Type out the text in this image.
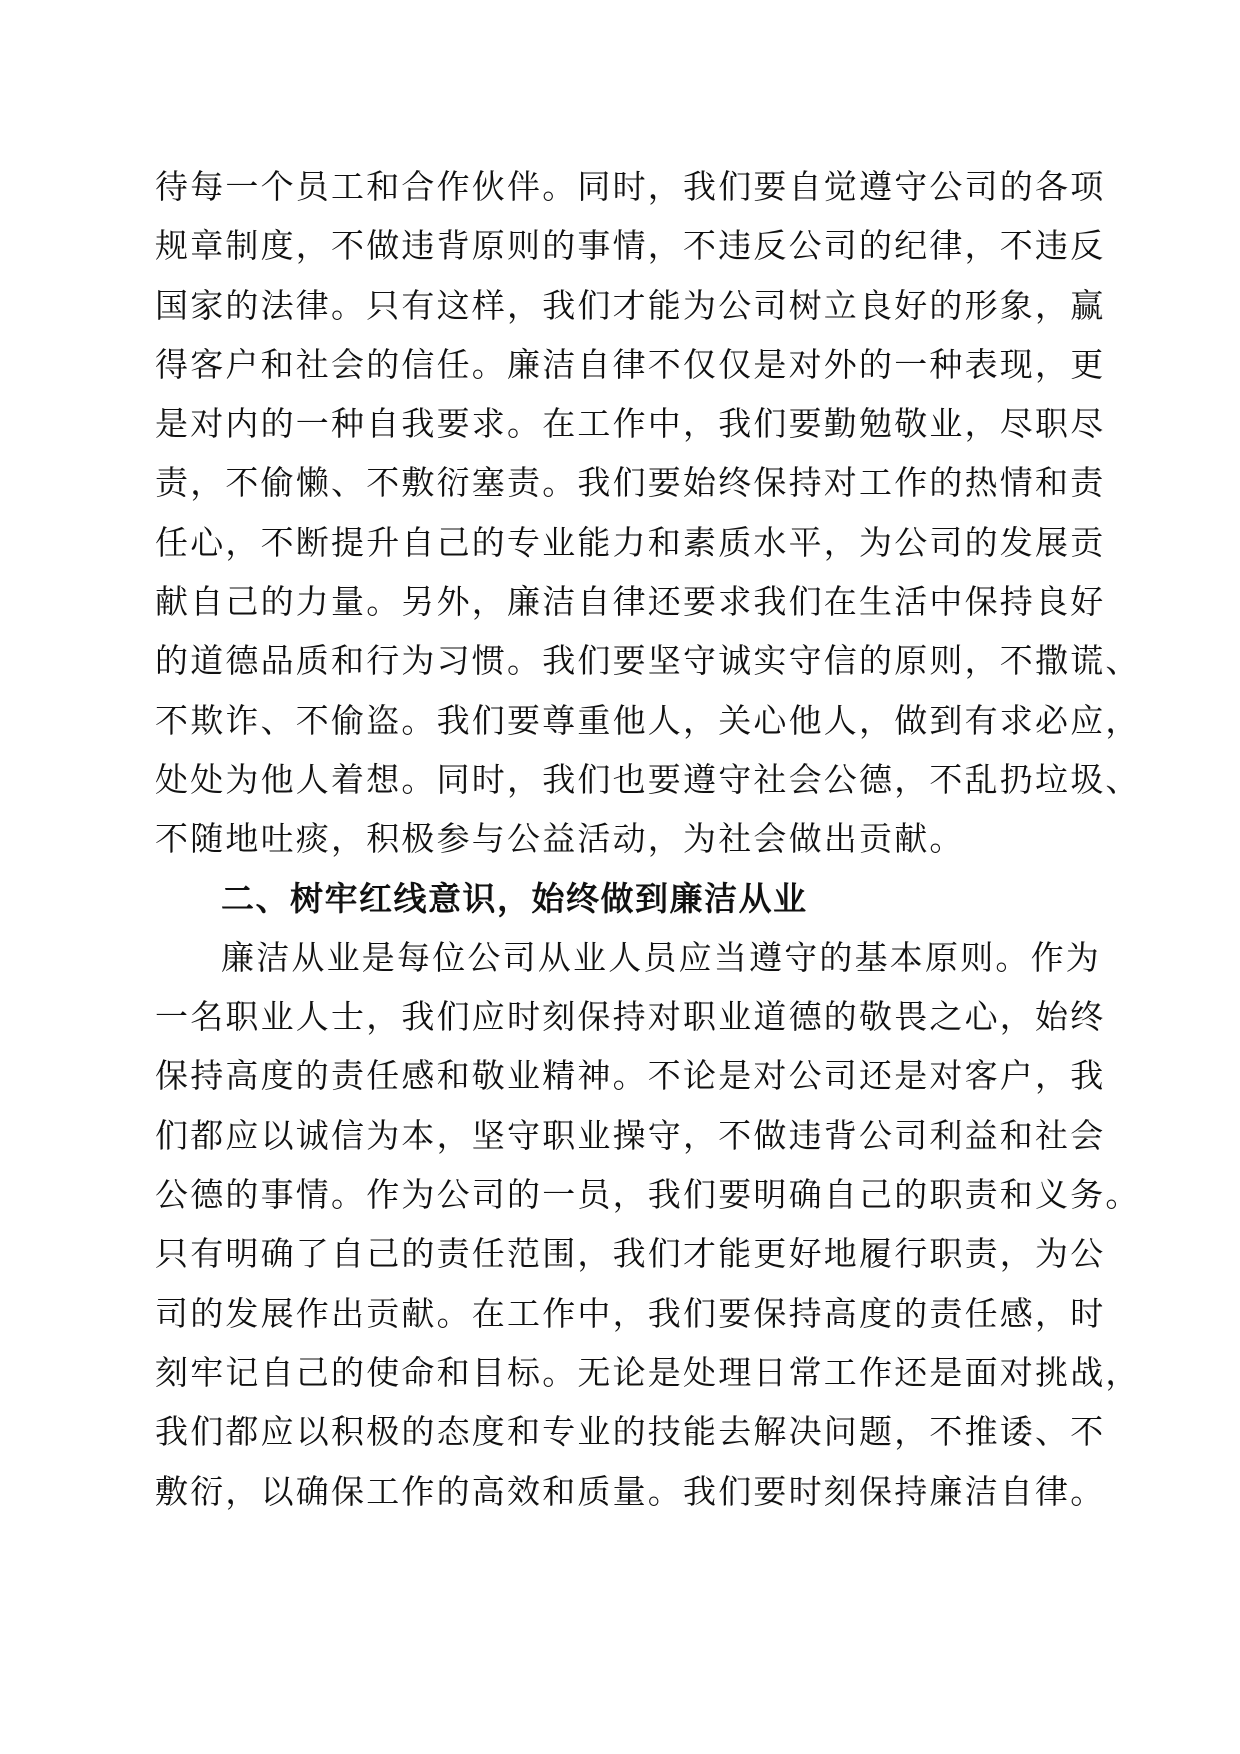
待每一个员工和合作伙伴。同时，我们要自觉遵守公司的各项
规章制度，不做违背原则的事情，不违反公司的纪律，不违反
国家的法律。只有这样，我们才能为公司树立良好的形象，赢
得客户和社会的信任。廉洁自律不仅仅是对外的一种表现，更
是对内的一种自我要求。在工作中，我们要勤勉敬业，尽职尽
责，不偷懒、不敷衍塞责。我们要始终保持对工作的热情和责
任心，不断提升自己的专业能力和素质水平，为公司的发展贡
献自己的力量。另外，廉洁自律还要求我们在生活中保持良好
的道德品质和行为习惯。我们要坚守诚实守信的原则，不撒谎、
不欺诈、不偷盗。我们要尊重他人，关心他人，做到有求必应，
处处为他人着想。同时，我们也要遵守社会公德，不乱扔垃圾、
不随地吐痰，积极参与公益活动，为社会做出贡献。
二、树牢红线意识，始终做到廉洁从业
廉洁从业是每位公司从业人员应当遵守的基本原则。作为
一名职业人士，我们应时刻保持对职业道德的敬畏之心，始终
保持高度的责任感和敬业精神。不论是对公司还是对客户，我
们都应以诚信为本，坚守职业操守，不做违背公司利益和社会
公德的事情。作为公司的一员，我们要明确自己的职责和义务。
只有明确了自己的责任范围，我们才能更好地履行职责，为公
司的发展作出贡献。在工作中，我们要保持高度的责任感，时
刻牢记自己的使命和目标。无论是处理日常工作还是面对挑战，
我们都应以积极的态度和专业的技能去解决问题，不推诿、不
敷衍，以确保工作的高效和质量。我们要时刻保持廉洁自律。
